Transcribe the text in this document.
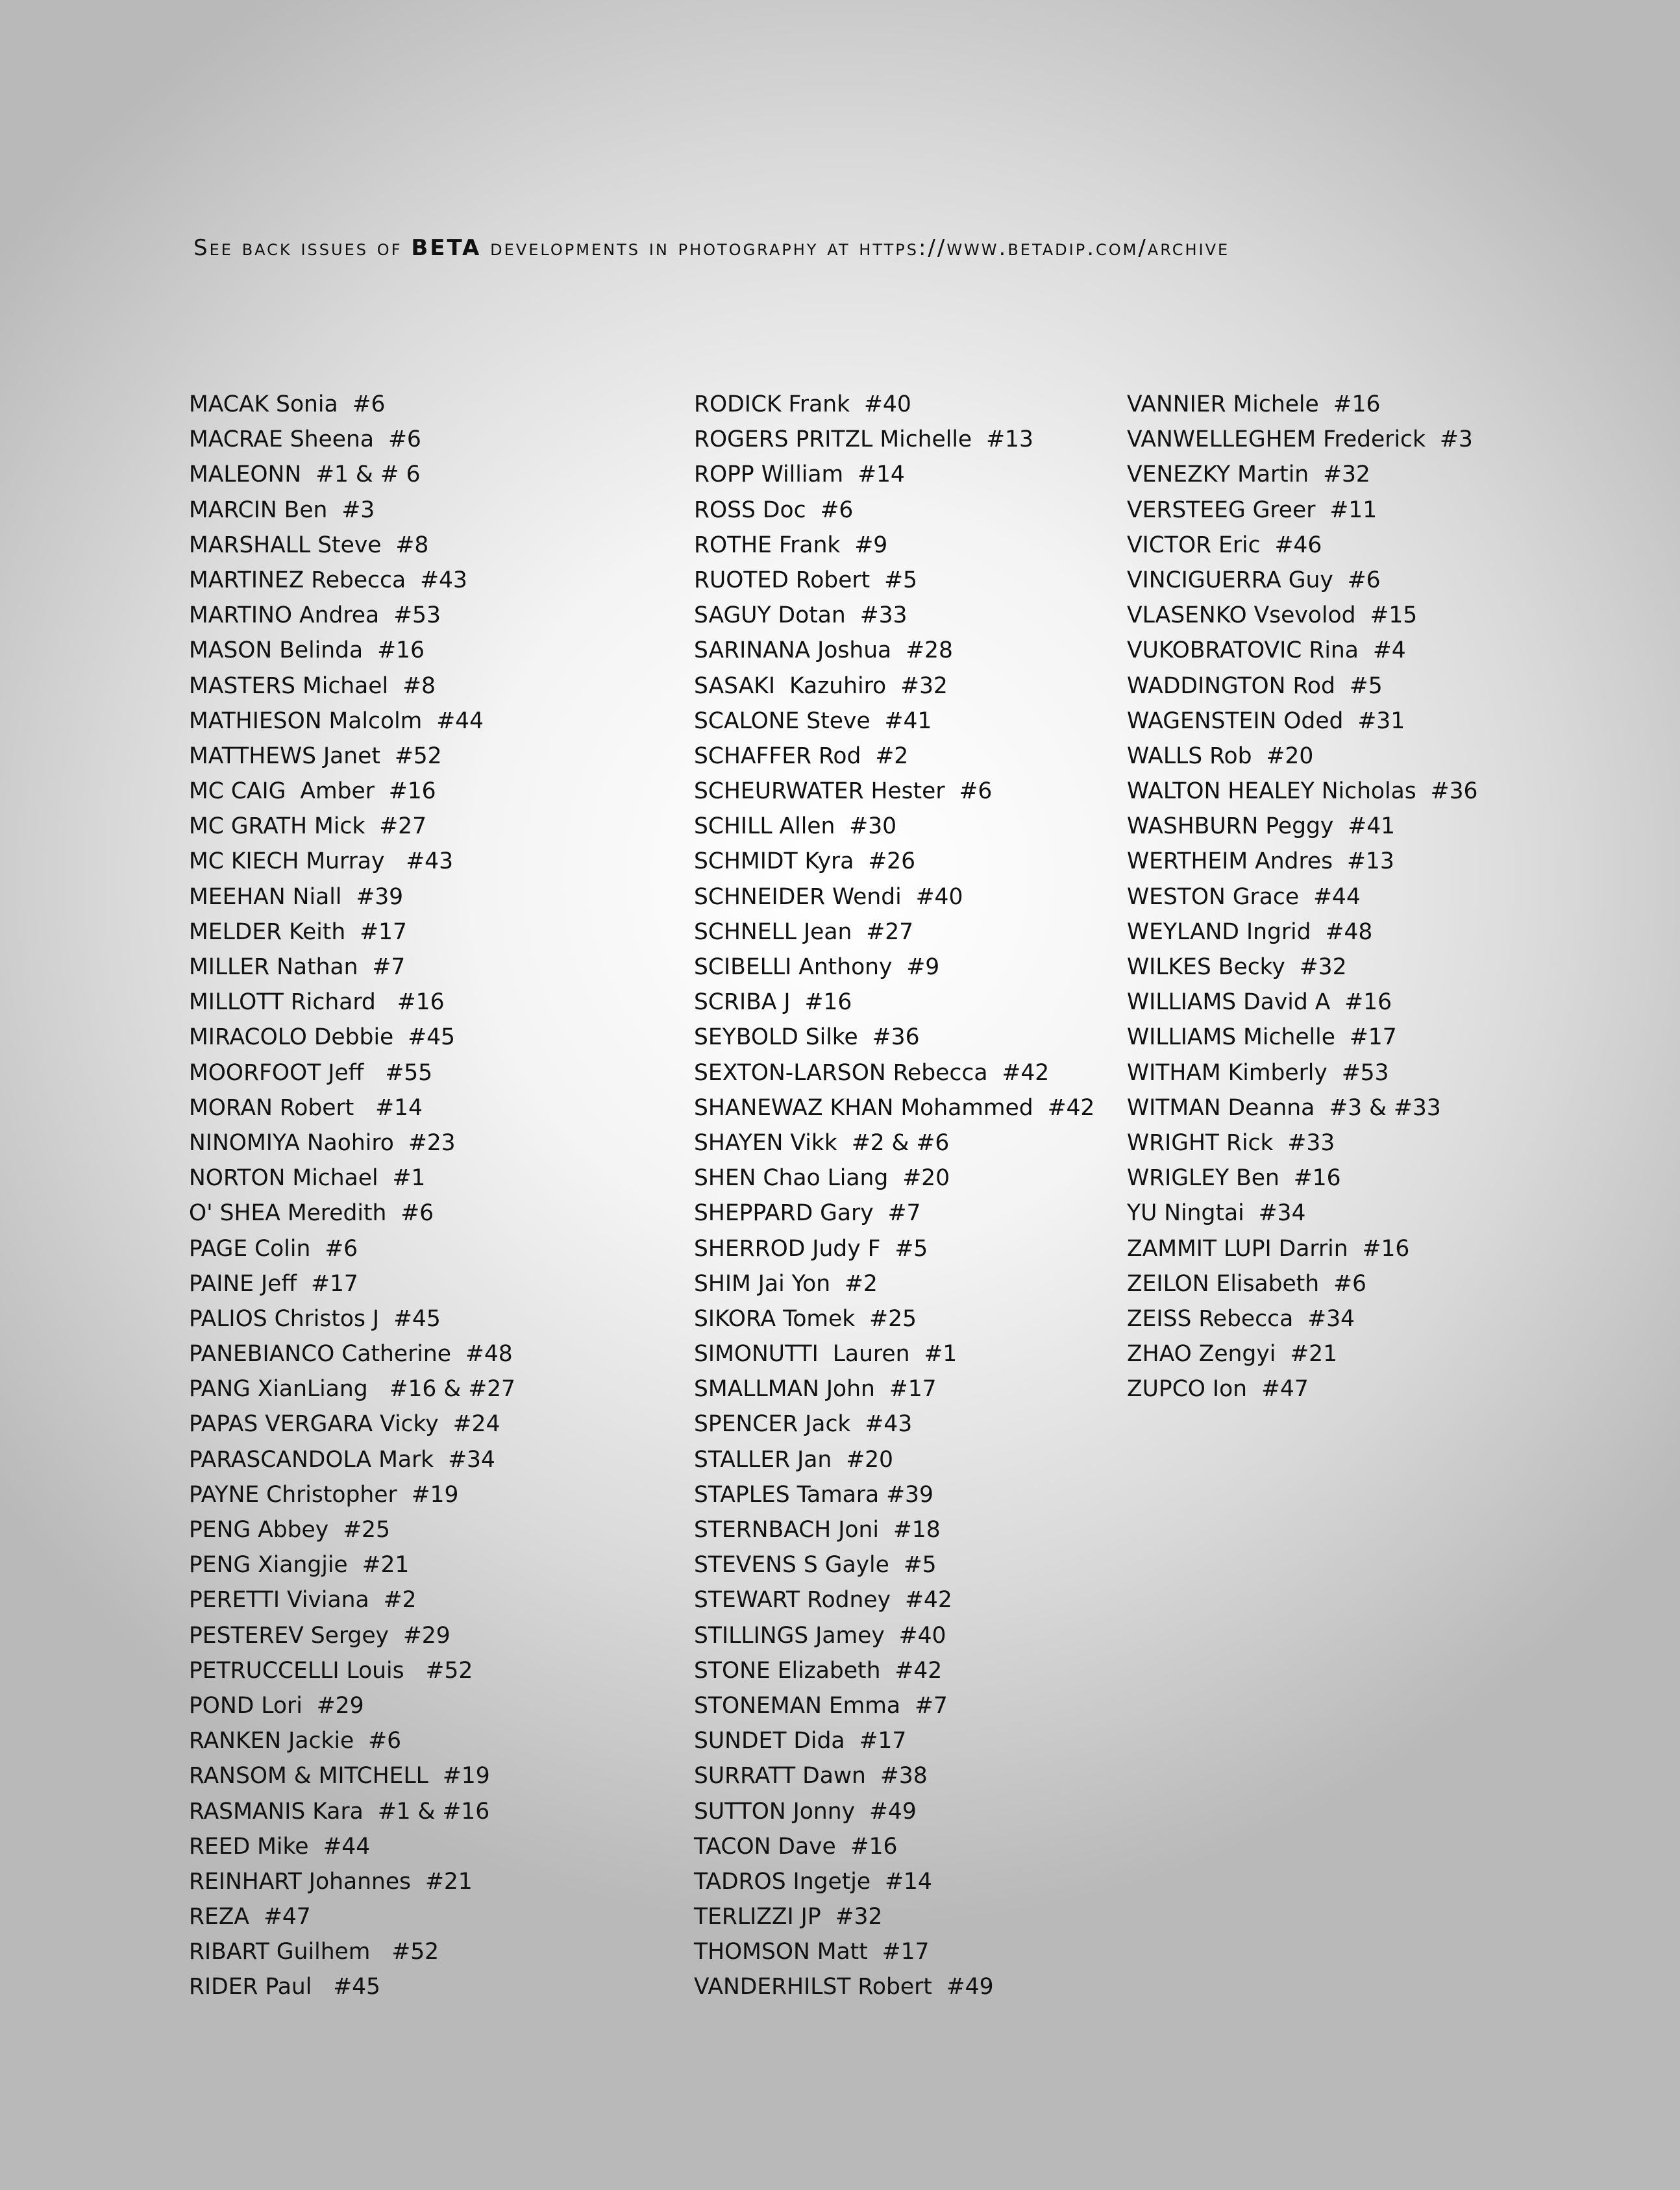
See back issues of BETA developments in photography at https://www.betadip.com/archive
MACAK Sonia  #6
MACRAE Sheena  #6
MALEONN  #1 & # 6
MARCIN Ben  #3
MARSHALL Steve  #8
MARTINEZ Rebecca  #43
MARTINO Andrea  #53
MASON Belinda  #16
MASTERS Michael  #8
MATHIESON Malcolm  #44
MATTHEWS Janet  #52
MC CAIG  Amber  #16
MC GRATH Mick  #27
MC KIECH Murray   #43
MEEHAN Niall  #39
MELDER Keith  #17
MILLER Nathan  #7
MILLOTT Richard   #16
MIRACOLO Debbie  #45
MOORFOOT Jeff   #55
MORAN Robert   #14
NINOMIYA Naohiro  #23
NORTON Michael  #1
O' SHEA Meredith  #6
PAGE Colin  #6
PAINE Jeff  #17
PALIOS Christos J  #45
PANEBIANCO Catherine  #48
PANG XianLiang   #16 & #27
PAPAS VERGARA Vicky  #24
PARASCANDOLA Mark  #34
PAYNE Christopher  #19
PENG Abbey  #25
PENG Xiangjie  #21
PERETTI Viviana  #2
PESTEREV Sergey  #29
PETRUCCELLI Louis   #52
POND Lori  #29
RANKEN Jackie  #6
RANSOM & MITCHELL  #19
RASMANIS Kara  #1 & #16
REED Mike  #44
REINHART Johannes  #21
REZA  #47
RIBART Guilhem   #52
RIDER Paul   #45
RODICK Frank  #40
ROGERS PRITZL Michelle  #13
ROPP William  #14
ROSS Doc  #6
ROTHE Frank  #9
RUOTED Robert  #5
SAGUY Dotan  #33
SARINANA Joshua  #28
SASAKI  Kazuhiro  #32
SCALONE Steve  #41
SCHAFFER Rod  #2
SCHEURWATER Hester  #6
SCHILL Allen  #30
SCHMIDT Kyra  #26
SCHNEIDER Wendi  #40
SCHNELL Jean  #27
SCIBELLI Anthony  #9
SCRIBA J  #16
SEYBOLD Silke  #36
SEXTON-LARSON Rebecca  #42
SHANEWAZ KHAN Mohammed  #42
SHAYEN Vikk  #2 & #6
SHEN Chao Liang  #20
SHEPPARD Gary  #7
SHERROD Judy F  #5
SHIM Jai Yon  #2
SIKORA Tomek  #25
SIMONUTTI  Lauren  #1
SMALLMAN John  #17
SPENCER Jack  #43
STALLER Jan  #20
STAPLES Tamara #39
STERNBACH Joni  #18
STEVENS S Gayle  #5
STEWART Rodney  #42
STILLINGS Jamey  #40
STONE Elizabeth  #42
STONEMAN Emma  #7
SUNDET Dida  #17
SURRATT Dawn  #38
SUTTON Jonny  #49
TACON Dave  #16
TADROS Ingetje  #14
TERLIZZI JP  #32
THOMSON Matt  #17
VANDERHILST Robert  #49
VANNIER Michele  #16
VANWELLEGHEM Frederick  #3
VENEZKY Martin  #32
VERSTEEG Greer  #11
VICTOR Eric  #46
VINCIGUERRA Guy  #6
VLASENKO Vsevolod  #15
VUKOBRATOVIC Rina  #4
WADDINGTON Rod  #5
WAGENSTEIN Oded  #31
WALLS Rob  #20
WALTON HEALEY Nicholas  #36
WASHBURN Peggy  #41
WERTHEIM Andres  #13
WESTON Grace  #44
WEYLAND Ingrid  #48
WILKES Becky  #32
WILLIAMS David A  #16
WILLIAMS Michelle  #17
WITHAM Kimberly  #53
WITMAN Deanna  #3 & #33
WRIGHT Rick  #33
WRIGLEY Ben  #16
YU Ningtai  #34
ZAMMIT LUPI Darrin  #16
ZEILON Elisabeth  #6
ZEISS Rebecca  #34
ZHAO Zengyi  #21
ZUPCO Ion  #47
